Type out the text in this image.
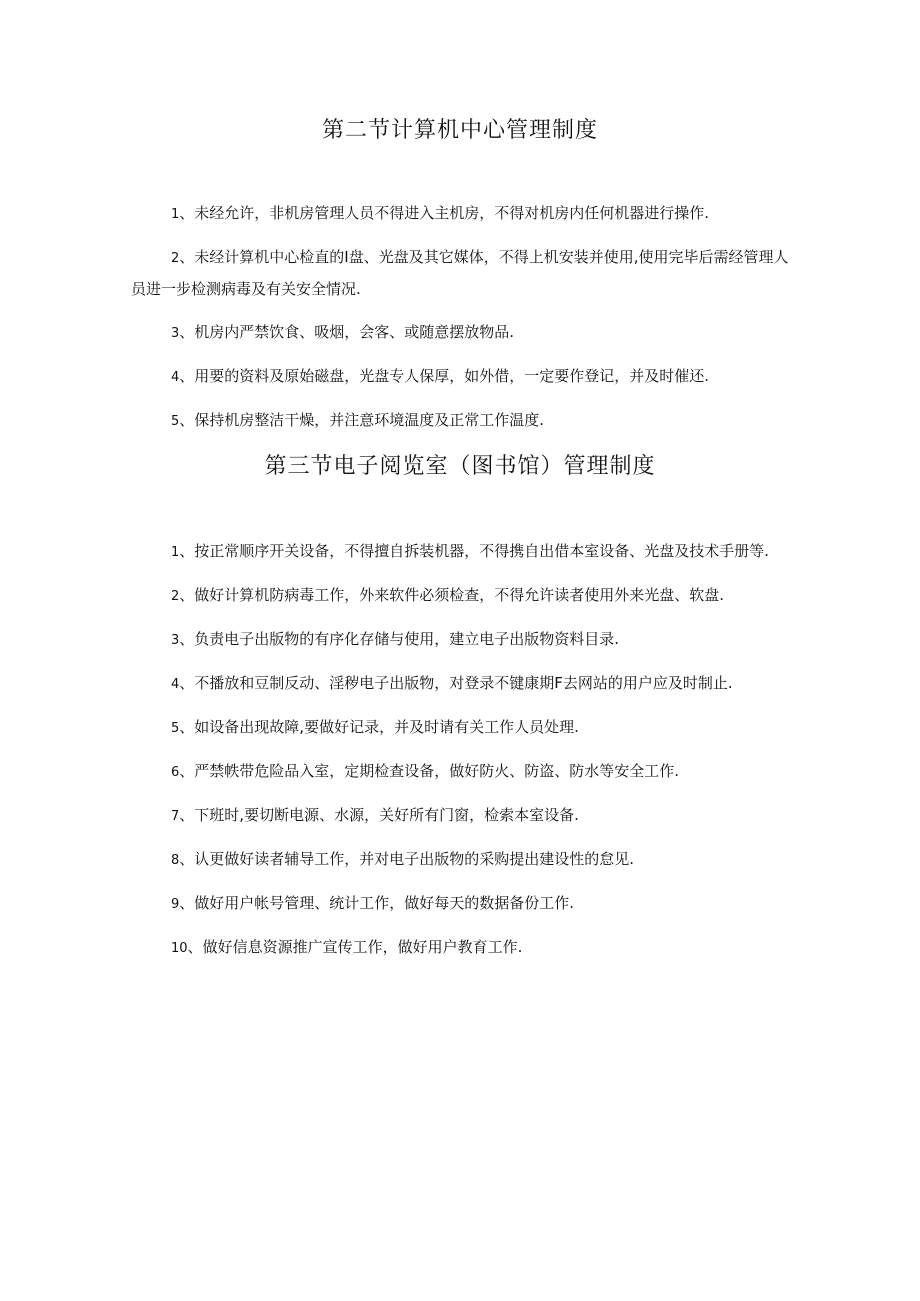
第二节计算机中心管理制度
1、未经允许，非机房管理人员不得进入主机房，不得对机房内任何机器进行操作.
2、未经计算机中心检直的I盘、光盘及其它媒体，不得上机安装并使用,使用完毕后需经管理人员进一步检测病毒及有关安全情况.
3、机房内严禁饮食、吸烟，会客、或随意摆放物品.
4、用要的资料及原始磁盘，光盘专人保厚，如外借，一定要作登记，并及时催还.
5、保持机房整洁干燥，并注意环境温度及正常工作温度.
第三节电子阅览室（图书馆）管理制度
1、按正常顺序开关设备，不得擅自拆装机器，不得携自出借本室设备、光盘及技术手册等.
2、做好计算机防病毒工作，外来软件必须检查，不得允许读者使用外来光盘、软盘.
3、负责电子出版物的有序化存储与使用，建立电子出版物资料目录.
4、不播放和豆制反动、淫秽电子出版物，对登录不键康期F去网站的用户应及时制止.
5、如设备出现故障,要做好记录，并及时请有关工作人员处理.
6、严禁帙带危险品入室，定期检查设备，做好防火、防盗、防水等安全工作.
7、下班时,要切断电源、水源，关好所有门窗，检索本室设备.
8、认更做好读者辅导工作，并对电子出版物的采购提出建设性的怠见.
9、做好用户帐号管理、统计工作，做好每天的数据备份工作.
10、做好信息资源推广宣传工作，做好用户教育工作.
